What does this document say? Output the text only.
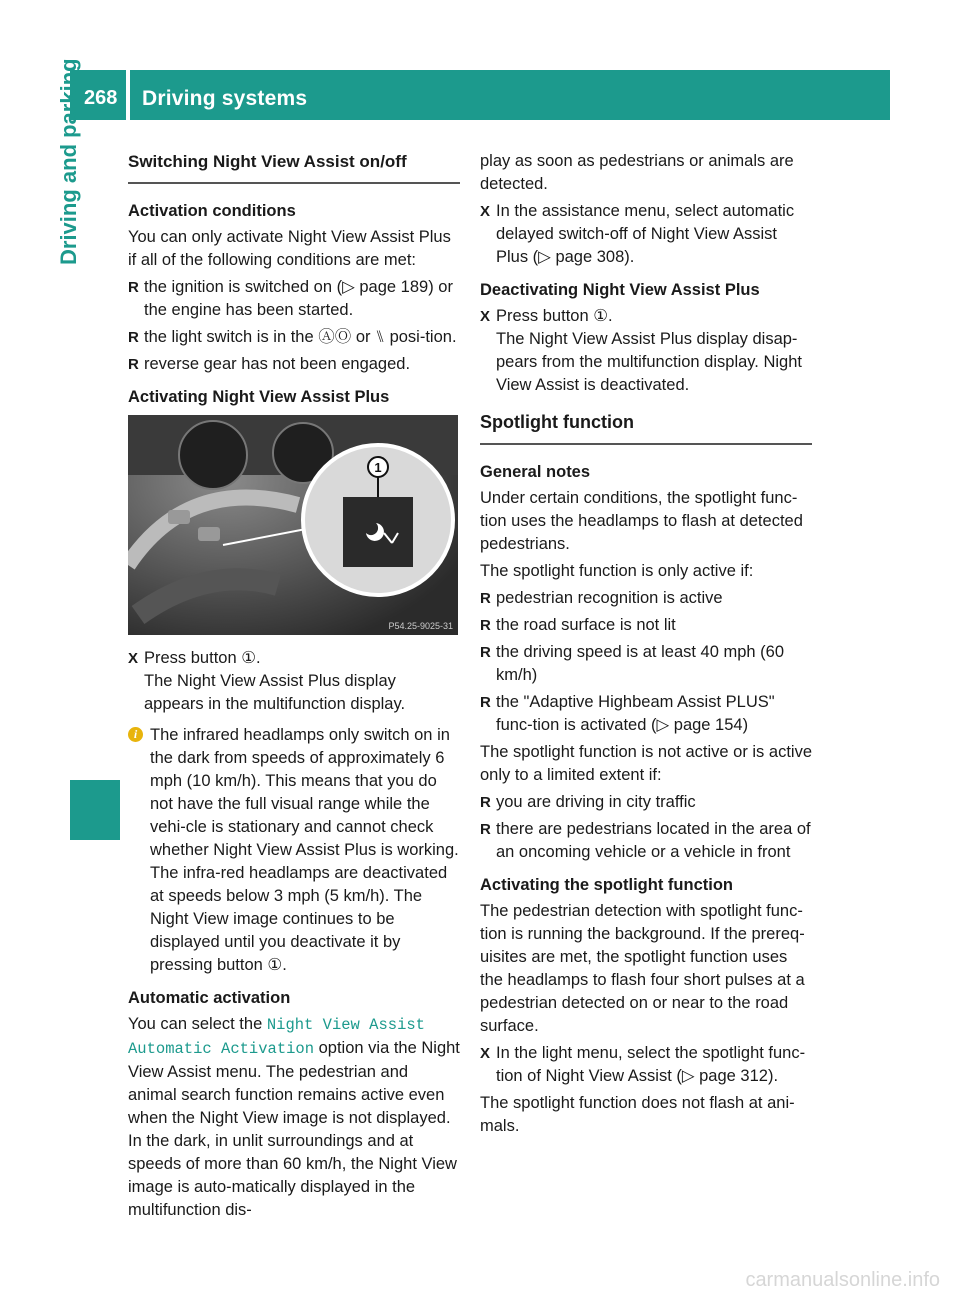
268 Driving systems
Driving and parking	Switching Night View Assist on/off
Activation conditions

You can only activate Night View Assist Plus if all of the following conditions are met:

R the ignition is switched on (▷ page 189) or the engine has been started.
R the light switch is in the ⒶⓄ or ⑊ posi-tion.
R reverse gear has not been engaged.
Activating Night View Assist Plus
1
P54.25-9025-31
X Press button ①.
The Night View Assist Plus display appears in the multifunction display.
i The infrared headlamps only switch on in the dark from speeds of approximately 6 mph (10 km/h). This means that you do not have the full visual range while the vehi-cle is stationary and cannot check whether Night View Assist Plus is working. The infra-red headlamps are deactivated at speeds below 3 mph (5 km/h). The Night View image continues to be displayed until you deactivate it by pressing button ①.
Automatic activation

You can select the Night View Assist Automatic Activation option via the Night View Assist menu. The pedestrian and animal search function remains active even when the Night View image is not displayed. In the dark, in unlit surroundings and at speeds of more than 60 km/h, the Night View image is auto-matically displayed in the multifunction dis-

play as soon as pedestrians or animals are detected.

X In the assistance menu, select automatic delayed switch-off of Night View Assist Plus (▷ page 308).
Deactivating Night View Assist Plus
X Press button ①.
The Night View Assist Plus display disap-pears from the multifunction display. Night View Assist is deactivated.
Spotlight function
General notes

Under certain conditions, the spotlight func-tion uses the headlamps to flash at detected pedestrians.

The spotlight function is only active if:

R pedestrian recognition is active
R the road surface is not lit
R the driving speed is at least 40 mph (60 km/h)
R the "Adaptive Highbeam Assist PLUS" func-tion is activated (▷ page 154)

The spotlight function is not active or is active only to a limited extent if:

R you are driving in city traffic
R there are pedestrians located in the area of an oncoming vehicle or a vehicle in front
Activating the spotlight function

The pedestrian detection with spotlight func-tion is running the background. If the prereq-uisites are met, the spotlight function uses the headlamps to flash four short pulses at a pedestrian detected on or near to the road surface.

X In the light menu, select the spotlight func-tion of Night View Assist (▷ page 312).

The spotlight function does not flash at ani-mals.

carmanualsonline.info
